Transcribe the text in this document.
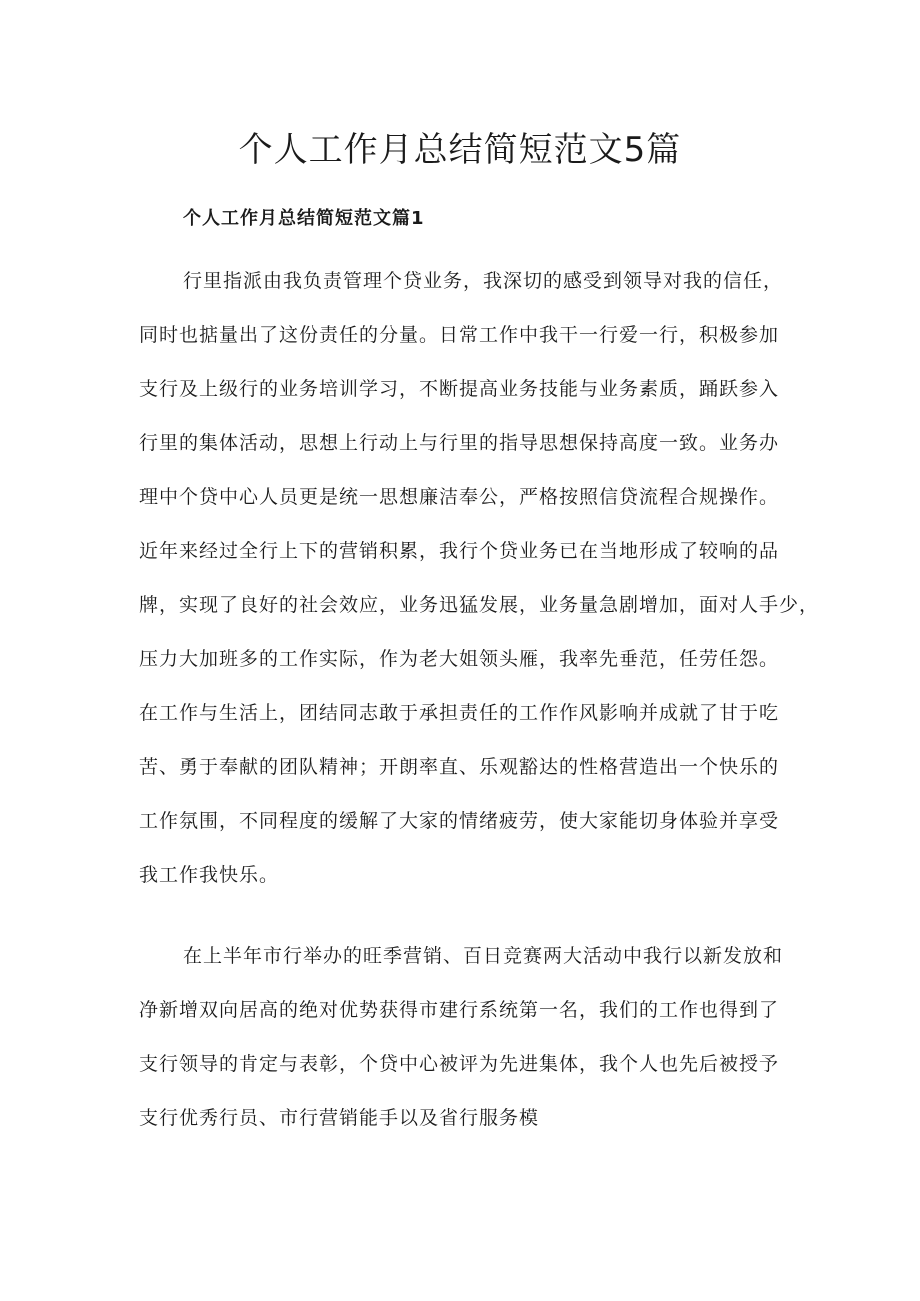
个人工作月总结简短范文5篇
个人工作月总结简短范文篇1
行里指派由我负责管理个贷业务，我深切的感受到领导对我的信任，
同时也掂量出了这份责任的分量。日常工作中我干一行爱一行，积极参加
支行及上级行的业务培训学习，不断提高业务技能与业务素质，踊跃参入
行里的集体活动，思想上行动上与行里的指导思想保持高度一致。业务办
理中个贷中心人员更是统一思想廉洁奉公，严格按照信贷流程合规操作。
近年来经过全行上下的营销积累，我行个贷业务已在当地形成了较响的品
牌，实现了良好的社会效应，业务迅猛发展，业务量急剧增加，面对人手少，
压力大加班多的工作实际，作为老大姐领头雁，我率先垂范，任劳任怨。
在工作与生活上，团结同志敢于承担责任的工作作风影响并成就了甘于吃
苦、勇于奉献的团队精神；开朗率直、乐观豁达的性格营造出一个快乐的
工作氛围，不同程度的缓解了大家的情绪疲劳，使大家能切身体验并享受
我工作我快乐。
在上半年市行举办的旺季营销、百日竞赛两大活动中我行以新发放和
净新增双向居高的绝对优势获得市建行系统第一名，我们的工作也得到了
支行领导的肯定与表彰，个贷中心被评为先进集体，我个人也先后被授予
支行优秀行员、市行营销能手以及省行服务模
